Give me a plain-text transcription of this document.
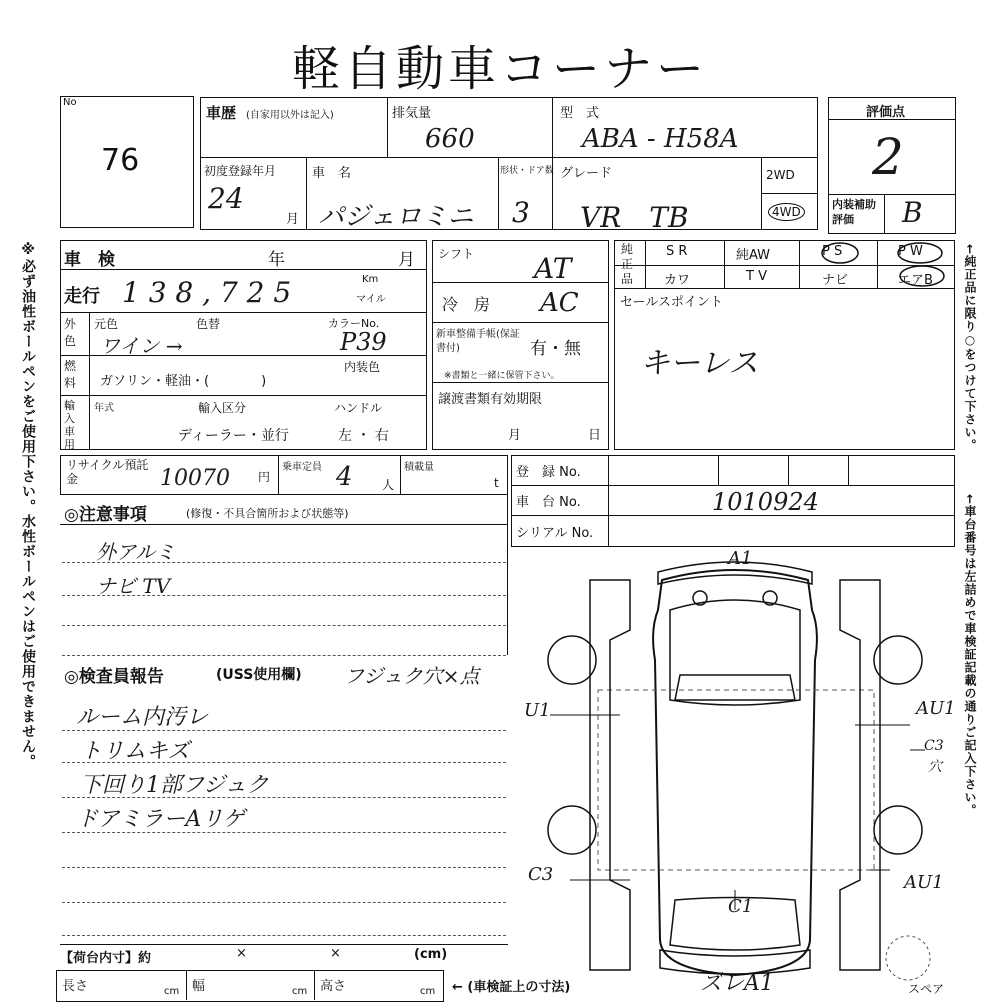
軽自動車コーナー
No
76
車歴 (自家用以外は記入)	排気量
660
型　式
ABA - H58A
初度登録年月
24
月
車　名
パジェロミニ
形状・ドア数
3
グレード
VR　TB
2WD
4WD
評価点
2
内装補助評価	B
車　検	年	月
走行 1 3 8 , 7 2 5	Km
マイル
外色
元色	色替	カラーNo.
ワイン →	P39
燃料 ガソリン・軽油・(　　　　)
内装色
輸入車用
年式	輸入区分	ハンドル
ディーラー・並行	左 ・ 右
シフト AT
冷　房 AC
新車整備手帳(保証書付)	有・無
※書類と一緒に保管下さい。
譲渡書類有効期限
月	日
純正品
S R	純AW	P S	P W
カワ	T V	ナビ	エアB
セールスポイント
キーレス
リサイクル預託金	10070 円
乗車定員 4 人
積載量
t
登　録 No.
車　台 No.	1010924
シリアル No.
◎注意事項	(修復・不具合箇所および状態等)
外アルミ
ナビ TV
◎検査員報告	(USS使用欄) フジュク穴×点
ルーム内汚レ
トリムキズ
下回り1部フジュク
ドアミラーAリゲ
【荷台内寸】約	×	×	(cm)
長さ	cm 幅	cm 高さ	cm ← (車検証上の寸法)
A1
U1	AU1
C3
穴
C3	AU1
C1
ズレA1	スペア
※必ず油性ボールペンをご使用下さい。水性ボールペンはご使用できません。	←純正品に限り○をつけて下さい。
←車台番号は左詰めで車検証記載の通りご記入下さい。
